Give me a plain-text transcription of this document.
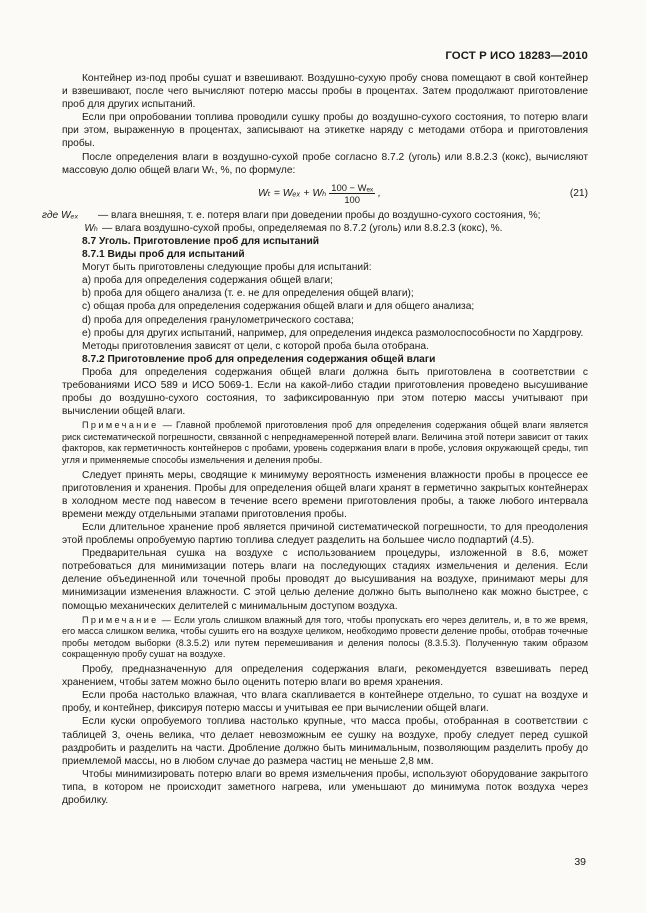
ГОСТ Р ИСО 18283—2010

Контейнер из-под пробы сушат и взвешивают. Воздушно-сухую пробу снова помещают в свой контейнер и взвешивают, после чего вычисляют потерю массы пробы в процентах. Затем продолжают приготовление проб для других испытаний.

Если при опробовании топлива проводили сушку пробы до воздушно-сухого состояния, то потерю влаги при этом, выраженную в процентах, записывают на этикетке наряду с методами отбора и приготовления пробы.

После определения влаги в воздушно-сухой пробе согласно 8.7.2 (уголь) или 8.8.2.3 (кокс), вычисляют массовую долю общей влаги Wₜ, %, по формуле:

Wₜ = Wₑₓ + Wₕ $\frac{\text{100 − Wₑₓ}}{100}$ ,	(21)
где Wₑₓ	— влага внешняя, т. е. потеря влаги при доведении пробы до воздушно-сухого состояния, %;

Wₕ — влага воздушно-сухой пробы, определяемая по 8.7.2 (уголь) или 8.8.2.3 (кокс), %.

8.7 Уголь. Приготовление проб для испытаний

8.7.1 Виды проб для испытаний

Могут быть приготовлены следующие пробы для испытаний:

a) проба для определения содержания общей влаги;

b) проба для общего анализа (т. е. не для определения общей влаги);

c) общая проба для определения содержания общей влаги и для общего анализа;

d) проба для определения гранулометрического состава;

e) пробы для других испытаний, например, для определения индекса размолоспособности по Хардгрову.

Методы приготовления зависят от цели, с которой проба была отобрана.

8.7.2 Приготовление проб для определения содержания общей влаги

Проба для определения содержания общей влаги должна быть приготовлена в соответствии с требованиями ИСО 589 и ИСО 5069-1. Если на какой-либо стадии приготовления проведено высушивание пробы до воздушно-сухого состояния, то зафиксированную при этом потерю массы учитывают при вычислении общей влаги.

Примечание — Главной проблемой приготовления проб для определения содержания общей влаги является риск систематической погрешности, связанной с непреднамеренной потерей влаги. Величина этой потери зависит от таких факторов, как герметичность контейнеров с пробами, уровень содержания влаги в пробе, условия окружающей среды, тип угля и применяемые способы измельчения и деления пробы.

Следует принять меры, сводящие к минимуму вероятность изменения влажности пробы в процессе ее приготовления и хранения. Пробы для определения общей влаги хранят в герметично закрытых контейнерах в холодном месте под навесом в течение всего времени приготовления пробы, а также любого интервала времени между отдельными этапами приготовления пробы.

Если длительное хранение проб является причиной систематической погрешности, то для преодоления этой проблемы опробуемую партию топлива следует разделить на большее число подпартий (4.5).

Предварительная сушка на воздухе с использованием процедуры, изложенной в 8.6, может потребоваться для минимизации потерь влаги на последующих стадиях измельчения и деления. Если деление объединенной или точечной пробы проводят до высушивания на воздухе, принимают меры для минимизации изменения влажности. С этой целью деление должно быть выполнено как можно быстрее, с помощью механических делителей с минимальным доступом воздуха.

Примечание — Если уголь слишком влажный для того, чтобы пропускать его через делитель, и, в то же время, его масса слишком велика, чтобы сушить его на воздухе целиком, необходимо провести деление пробы, отобрав точечные пробы методом выборки (8.3.5.2) или путем перемешивания и деления полосы (8.3.5.3). Полученную таким образом сокращенную пробу сушат на воздухе.

Пробу, предназначенную для определения содержания влаги, рекомендуется взвешивать перед хранением, чтобы затем можно было оценить потерю влаги во время хранения.

Если проба настолько влажная, что влага скапливается в контейнере отдельно, то сушат на воздухе и пробу, и контейнер, фиксируя потерю массы и учитывая ее при вычислении общей влаги.

Если куски опробуемого топлива настолько крупные, что масса пробы, отобранная в соответствии с таблицей 3, очень велика, что делает невозможным ее сушку на воздухе, пробу следует перед сушкой раздробить и разделить на части. Дробление должно быть минимальным, позволяющим разделить пробу до приемлемой массы, но в любом случае до размера частиц не меньше 2,8 мм.

Чтобы минимизировать потерю влаги во время измельчения пробы, используют оборудование закрытого типа, в котором не происходит заметного нагрева, или уменьшают до минимума поток воздуха через дробилку.

39
